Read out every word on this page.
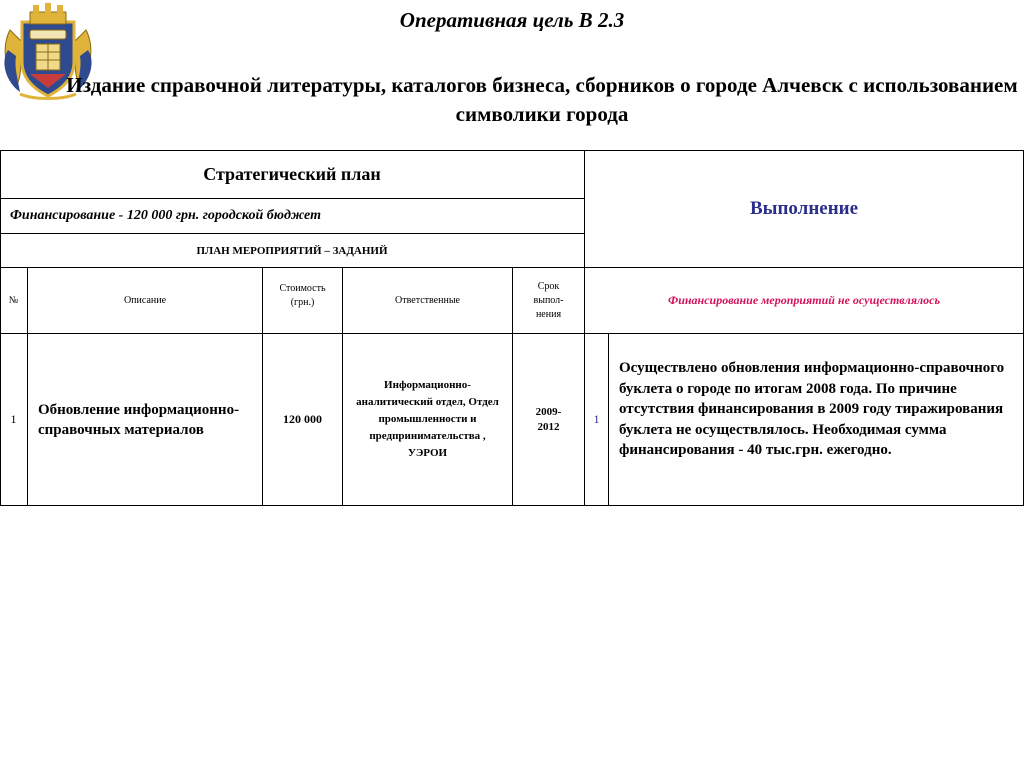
Оперативная цель В 2.3
Издание справочной литературы, каталогов бизнеса, сборников о городе Алчевск с использованием символики города
Стратегический план
Финансирование - 120 000 грн. городской бюджет
ПЛАН МЕРОПРИЯТИЙ – ЗАДАНИЙ
Выполнение
№	Описание
Стоимость (грн.)	Ответственные
Срок выпол-нения
Финансирование мероприятий не осуществлялось
1
Обновление информационно-справочных материалов
120 000
Информационно-аналитический отдел, Отдел промышленности и предпринимательства , УЭРОИ
2009-2012
1
Осуществлено обновления информационно-справочного буклета о городе по итогам 2008 года. По причине отсутствия финансирования в 2009 году тиражирования буклета не осуществлялось. Необходимая сумма финансирования - 40 тыс.грн. ежегодно.
